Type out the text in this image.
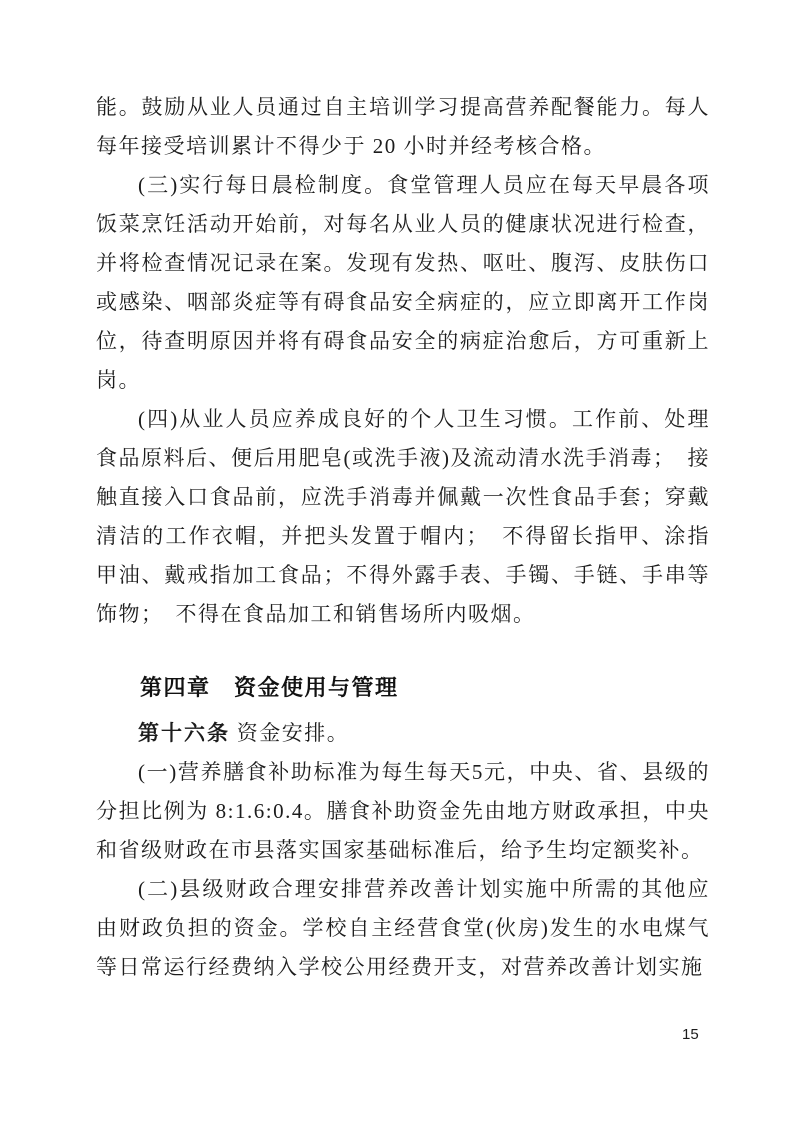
能。鼓励从业人员通过自主培训学习提高营养配餐能力。每人每年接受培训累计不得少于 20 小时并经考核合格。

(三)实行每日晨检制度。食堂管理人员应在每天早晨各项饭菜烹饪活动开始前，对每名从业人员的健康状况进行检查，并将检查情况记录在案。发现有发热、呕吐、腹泻、皮肤伤口或感染、咽部炎症等有碍食品安全病症的，应立即离开工作岗位，待查明原因并将有碍食品安全的病症治愈后，方可重新上岗。

(四)从业人员应养成良好的个人卫生习惯。工作前、处理食品原料后、便后用肥皂(或洗手液)及流动清水洗手消毒；　接触直接入口食品前，应洗手消毒并佩戴一次性食品手套；穿戴清洁的工作衣帽，并把头发置于帽内；　不得留长指甲、涂指甲油、戴戒指加工食品；不得外露手表、手镯、手链、手串等饰物；　不得在食品加工和销售场所内吸烟。

第四章　资金使用与管理

第十六条 资金安排。

(一)营养膳食补助标准为每生每天5元，中央、省、县级的分担比例为 8:1.6:0.4。膳食补助资金先由地方财政承担，中央和省级财政在市县落实国家基础标准后，给予生均定额奖补。

(二)县级财政合理安排营养改善计划实施中所需的其他应由财政负担的资金。学校自主经营食堂(伙房)发生的水电煤气等日常运行经费纳入学校公用经费开支，对营养改善计划实施

15
